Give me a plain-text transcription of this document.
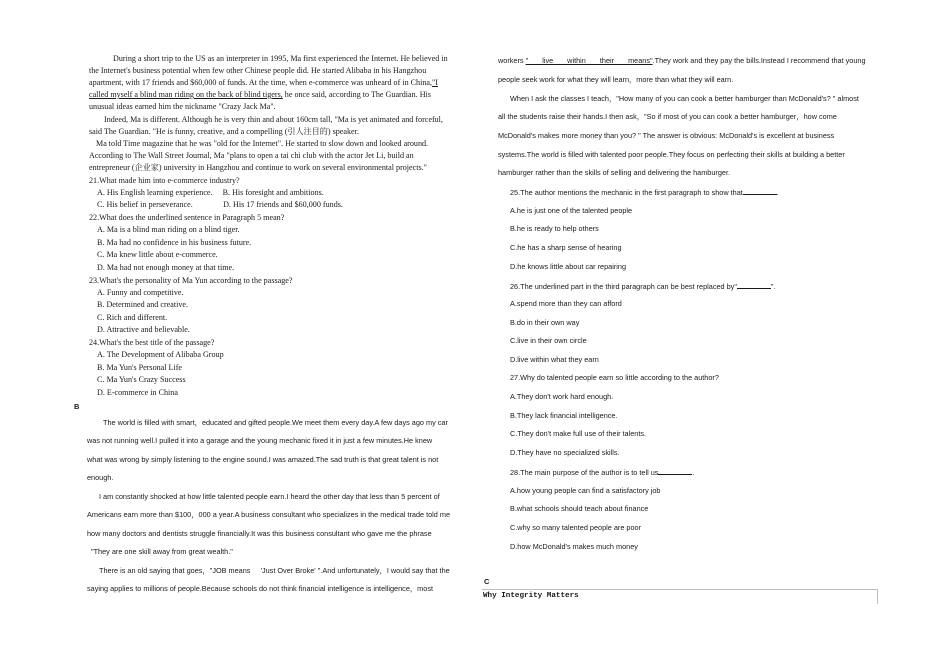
During a short trip to the US as an interpreter in 1995, Ma first experienced the Internet. He believed in
the Internet's business potential when few other Chinese people did. He started Alibaba in his Hangzhou
apartment, with 17 friends and $60,000 of funds. At the time, when e-commerce was unheard of in China,"I
called myself a blind man riding on the back of blind tigers, he once said, according to The Guardian. His
unusual ideas earned him the nickname "Crazy Jack Ma".
Indeed, Ma is different. Although he is very thin and about 160cm tall, "Ma is yet animated and forceful,
said The Guardian. "He is funny, creative, and a compelling (引人注目的) speaker.
Ma told Time magazine that he was "old for the Internet". He started to slow down and looked around.
According to The Wall Street Journal, Ma "plans to open a tai chi club with the actor Jet Li, build an
entrepreneur (企业家) university in Hangzhou and continue to work on several environmental projects."
21.What made him into e-commerce industry?
A. His English learning experience.     B. His foresight and ambitions.
C. His belief in perseverance.               D. His 17 friends and $60,000 funds.
22.What does the underlined sentence in Paragraph 5 mean?
A. Ma is a blind man riding on a blind tiger.
B. Ma had no confidence in his business future.
C. Ma knew little about e-commerce.
D. Ma had not enough money at that time.
23.What's the personality of Ma Yun according to the passage?
A. Funny and competitive.
B. Determined and creative.
C. Rich and different.
D. Attractive and believable.
24.What's the best title of the passage?
A. The Development of Alibaba Group
B. Ma Yun's Personal Life
C. Ma Yun's Crazy Success
D. E-commerce in China
B
The world is filled with smart，educated and gifted people.We meet them every day.A few days ago my car
was not running well.I pulled it into a garage and the young mechanic fixed it in just a few minutes.He knew
what was wrong by simply listening to the engine sound.I was amazed.The sad truth is that great talent is not
enough.
I am constantly shocked at how little talented people earn.I heard the other day that less than 5 percent of
Americans earn more than $100，000 a year.A business consultant who specializes in the medical trade told me
how many doctors and dentists struggle financially.It was this business consultant who gave me the phrase
"They are one skill away from great wealth."
There is an old saying that goes，"JOB means     'Just Over Broke' ".And unfortunately，I would say that the
saying applies to millions of people.Because schools do not think financial intelligence is intelligence，most
workers " live within their means".They work and they pay the bills.Instead I recommend that young
people seek work for what they will learn，more than what they will earn.
When I ask the classes I teach，"How many of you can cook a better hamburger than McDonald's? " almost
all the students raise their hands.I then ask，"So if most of you can cook a better hamburger，how come
McDonald's makes more money than you? " The answer is obvious: McDonald's is excellent at business
systems.The world is filled with talented poor people.They focus on perfecting their skills at building a better
hamburger rather than the skills of selling and delivering the hamburger.
25.The author mentions the mechanic in the first paragraph to show that	.
A.he is just one of the talented people
B.he is ready to help others
C.he has a sharp sense of hearing
D.he knows little about car repairing
26.The underlined part in the third paragraph can be best replaced by"	".
A.spend more than they can afford
B.do in their own way
C.live in their own circle
D.live within what they earn
27.Why do talented people earn so little according to the author?
A.They don't work hard enough.
B.They lack financial intelligence.
C.They don't make full use of their talents.
D.They have no specialized skills.
28.The main purpose of the author is to tell us	.
A.how young people can find a satisfactory job
B.what schools should teach about finance
C.why so many talented people are poor
D.how McDonald's makes much money
C
Why Integrity Matters
